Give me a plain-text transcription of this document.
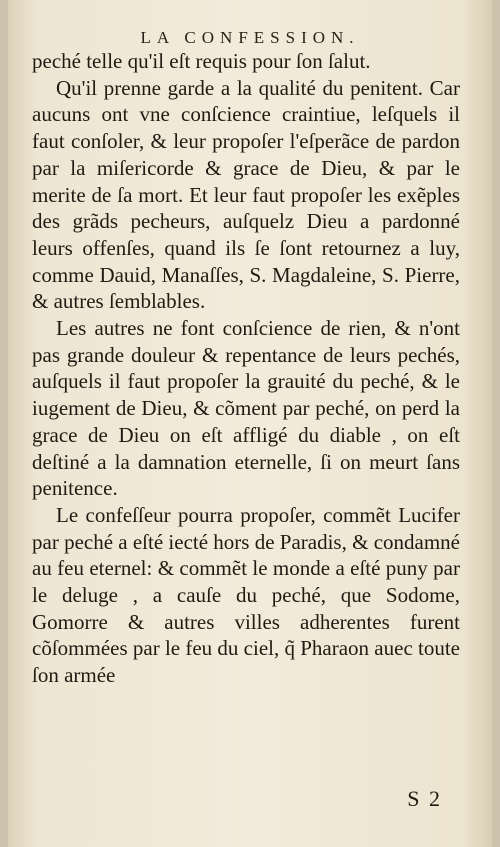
LA CONFESSION.

peché telle qu'il eſt requis pour ſon ſalut.

Qu'il prenne garde a la qualité du penitent. Car aucuns ont vne conſcience craintiue, leſquels il faut conſoler, & leur propoſer l'eſperãce de pardon par la miſericorde & grace de Dieu, & par le merite de ſa mort. Et leur faut propoſer les exẽples des grãds pecheurs, auſquelz Dieu a pardonné leurs offenſes, quand ils ſe ſont retournez a luy, comme Dauid, Manaſſes, S. Magdaleine, S. Pierre, & autres ſemblables.

Les autres ne font conſcience de rien, & n'ont pas grande douleur & repentance de leurs pechés, auſquels il faut propoſer la grauité du peché, & le iugement de Dieu, & cõment par peché, on perd la grace de Dieu on eſt affligé du diable , on eſt deſtiné a la damnation eternelle, ſi on meurt ſans penitence.

Le confeſſeur pourra propoſer, commẽt Lucifer par peché a eſté iecté hors de Paradis, & condamné au feu eternel: & commẽt le monde a eſté puny par le deluge , a cauſe du peché, que Sodome, Gomorre & autres villes adherentes furent cõſommées par le feu du ciel, q̃ Pharaon auec toute ſon armée

S 2
